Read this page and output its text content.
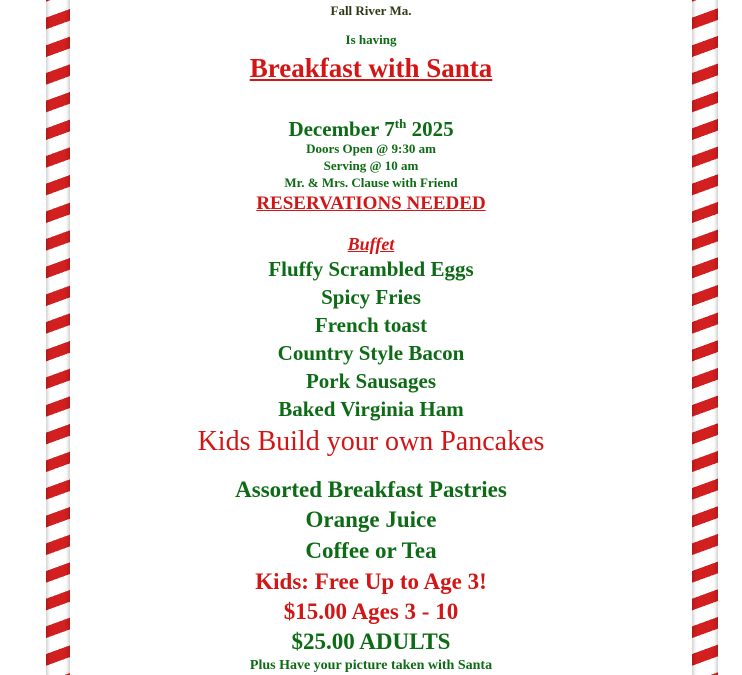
Fall River Ma.
Is having
Breakfast with Santa
December 7th 2025
Doors Open @ 9:30 am
Serving @ 10 am
Mr. & Mrs. Clause with Friend
RESERVATIONS NEEDED
Buffet
Fluffy Scrambled Eggs
Spicy Fries
French toast
Country Style Bacon
Pork Sausages
Baked Virginia Ham
Kids Build your own Pancakes
Assorted Breakfast Pastries
Orange Juice
Coffee or Tea
Kids: Free Up to Age 3!
$15.00 Ages 3 - 10
$25.00 ADULTS
Plus Have your picture taken with Santa
